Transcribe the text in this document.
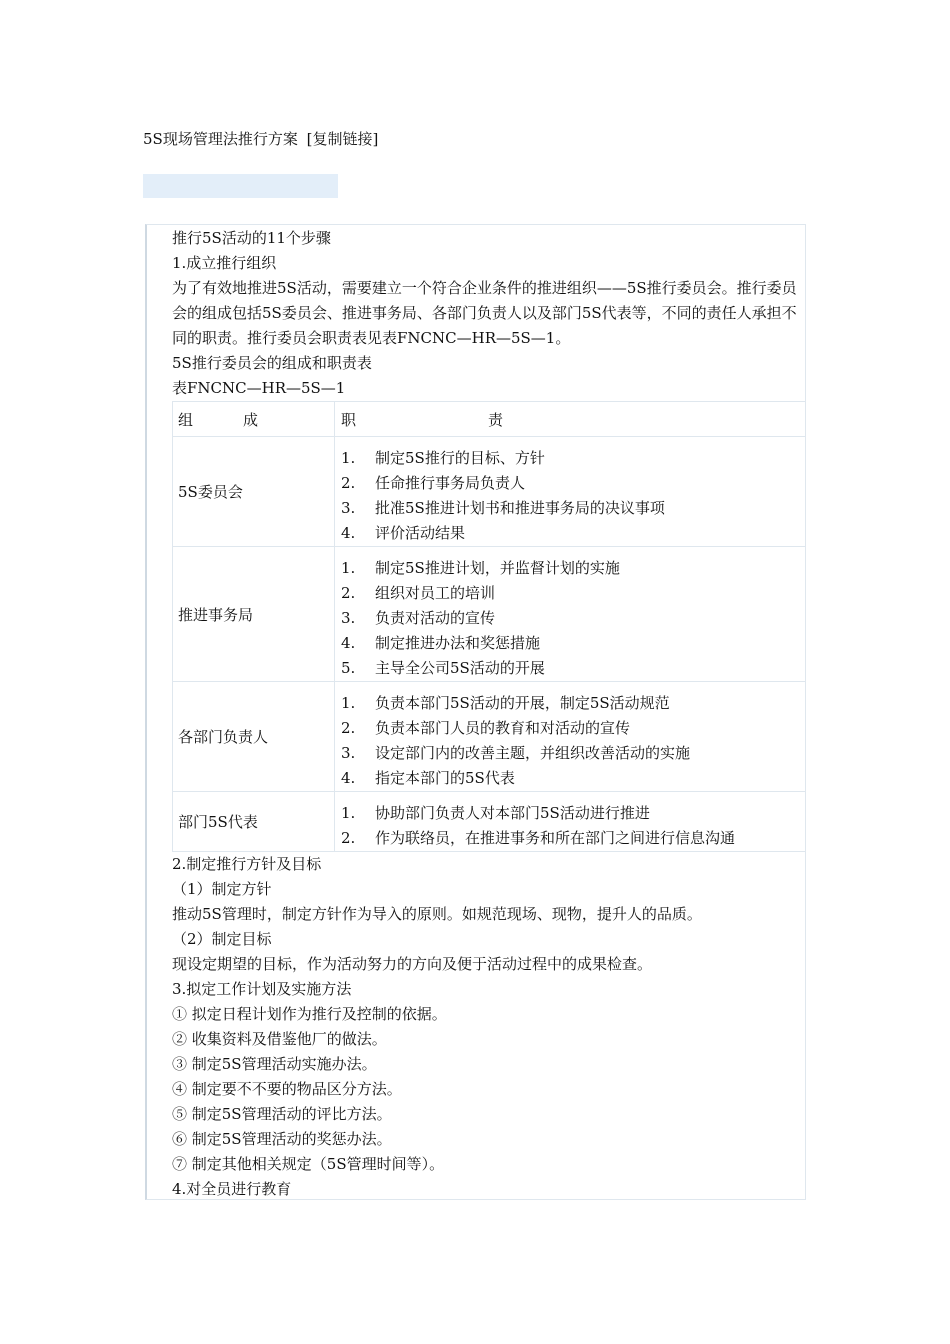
5S现场管理法推行方案 [复制链接]
推行5S活动的11个步骤
1.成立推行组织
为了有效地推进5S活动，需要建立一个符合企业条件的推进组织——5S推行委员会。推行委员会的组成包括5S委员会、推进事务局、各部门负责人以及部门5S代表等，不同的责任人承担不同的职责。推行委员会职责表见表FNCNC—HR—5S—1。
5S推行委员会的组成和职责表
表FNCNC—HR—5S—1
组 成	职 责
5S委员会	1. 制定5S推行的目标、方针
2. 任命推行事务局负责人
3. 批准5S推进计划书和推进事务局的决议事项
4. 评价活动结果

推进事务局	1. 制定5S推进计划，并监督计划的实施
2. 组织对员工的培训
3. 负责对活动的宣传
4. 制定推进办法和奖惩措施
5. 主导全公司5S活动的开展

各部门负责人	1. 负责本部门5S活动的开展，制定5S活动规范
2. 负责本部门人员的教育和对活动的宣传
3. 设定部门内的改善主题，并组织改善活动的实施
4. 指定本部门的5S代表

部门5S代表	1. 协助部门负责人对本部门5S活动进行推进
2. 作为联络员，在推进事务和所在部门之间进行信息沟通
2.制定推行方针及目标
（1）制定方针
推动5S管理时，制定方针作为导入的原则。如规范现场、现物，提升人的品质。
（2）制定目标
现设定期望的目标，作为活动努力的方向及便于活动过程中的成果检查。
3.拟定工作计划及实施方法
① 拟定日程计划作为推行及控制的依据。
② 收集资料及借鉴他厂的做法。
③ 制定5S管理活动实施办法。
④ 制定要不不要的物品区分方法。
⑤ 制定5S管理活动的评比方法。
⑥ 制定5S管理活动的奖惩办法。
⑦ 制定其他相关规定（5S管理时间等）。
4.对全员进行教育
